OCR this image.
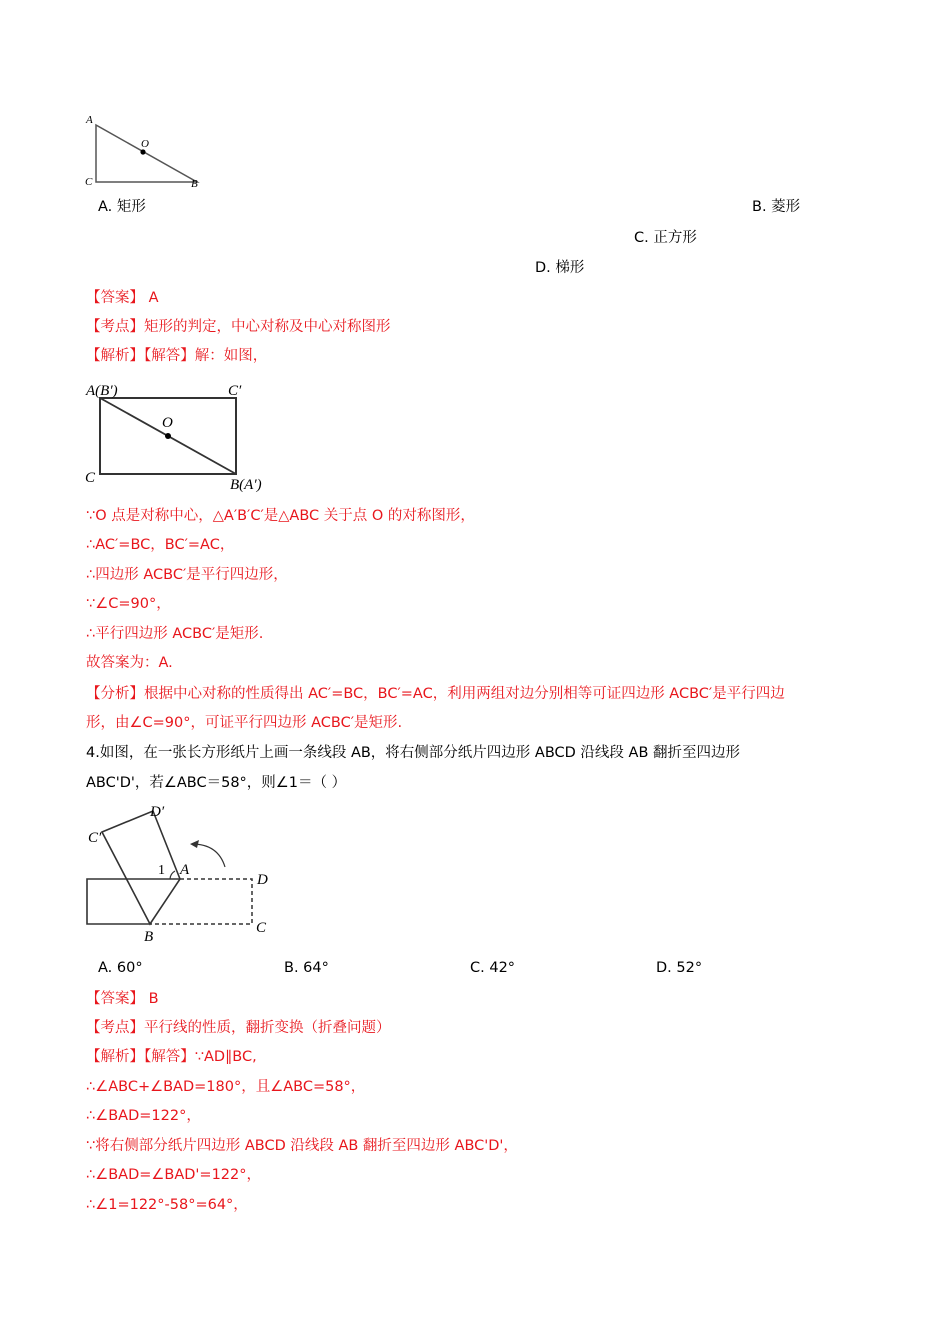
A
O
C	B
A. 矩形	B. 菱形
C. 正方形
D. 梯形
【答案】 A
【考点】矩形的判定，中心对称及中心对称图形
【解析】【解答】解：如图，
A(B′)	C′
O
C	B(A′)
∵O 点是对称中心，△A′B′C′是△ABC 关于点 O 的对称图形，
∴AC′=BC，BC′=AC，
∴四边形 ACBC′是平行四边形，
∵∠C=90°，
∴平行四边形 ACBC′是矩形.
故答案为：A.
【分析】根据中心对称的性质得出 AC′=BC，BC′=AC，利用两组对边分别相等可证四边形 ACBC′是平行四边
形，由∠C=90°，可证平行四边形 ACBC′是矩形.
4.如图，在一张长方形纸片上画一条线段 AB，将右侧部分纸片四边形 ABCD 沿线段 AB 翻折至四边形
ABC'D'，若∠ABC＝58°，则∠1＝（ ）
C′
D′
1 A
D
B
C
A. 60°	B. 64°	C. 42°	D. 52°
【答案】 B
【考点】平行线的性质，翻折变换（折叠问题）
【解析】【解答】∵AD∥BC,
∴∠ABC+∠BAD=180°，且∠ABC=58°，
∴∠BAD=122°，
∵将右侧部分纸片四边形 ABCD 沿线段 AB 翻折至四边形 ABC'D'，
∴∠BAD=∠BAD'=122°，
∴∠1=122°-58°=64°，
